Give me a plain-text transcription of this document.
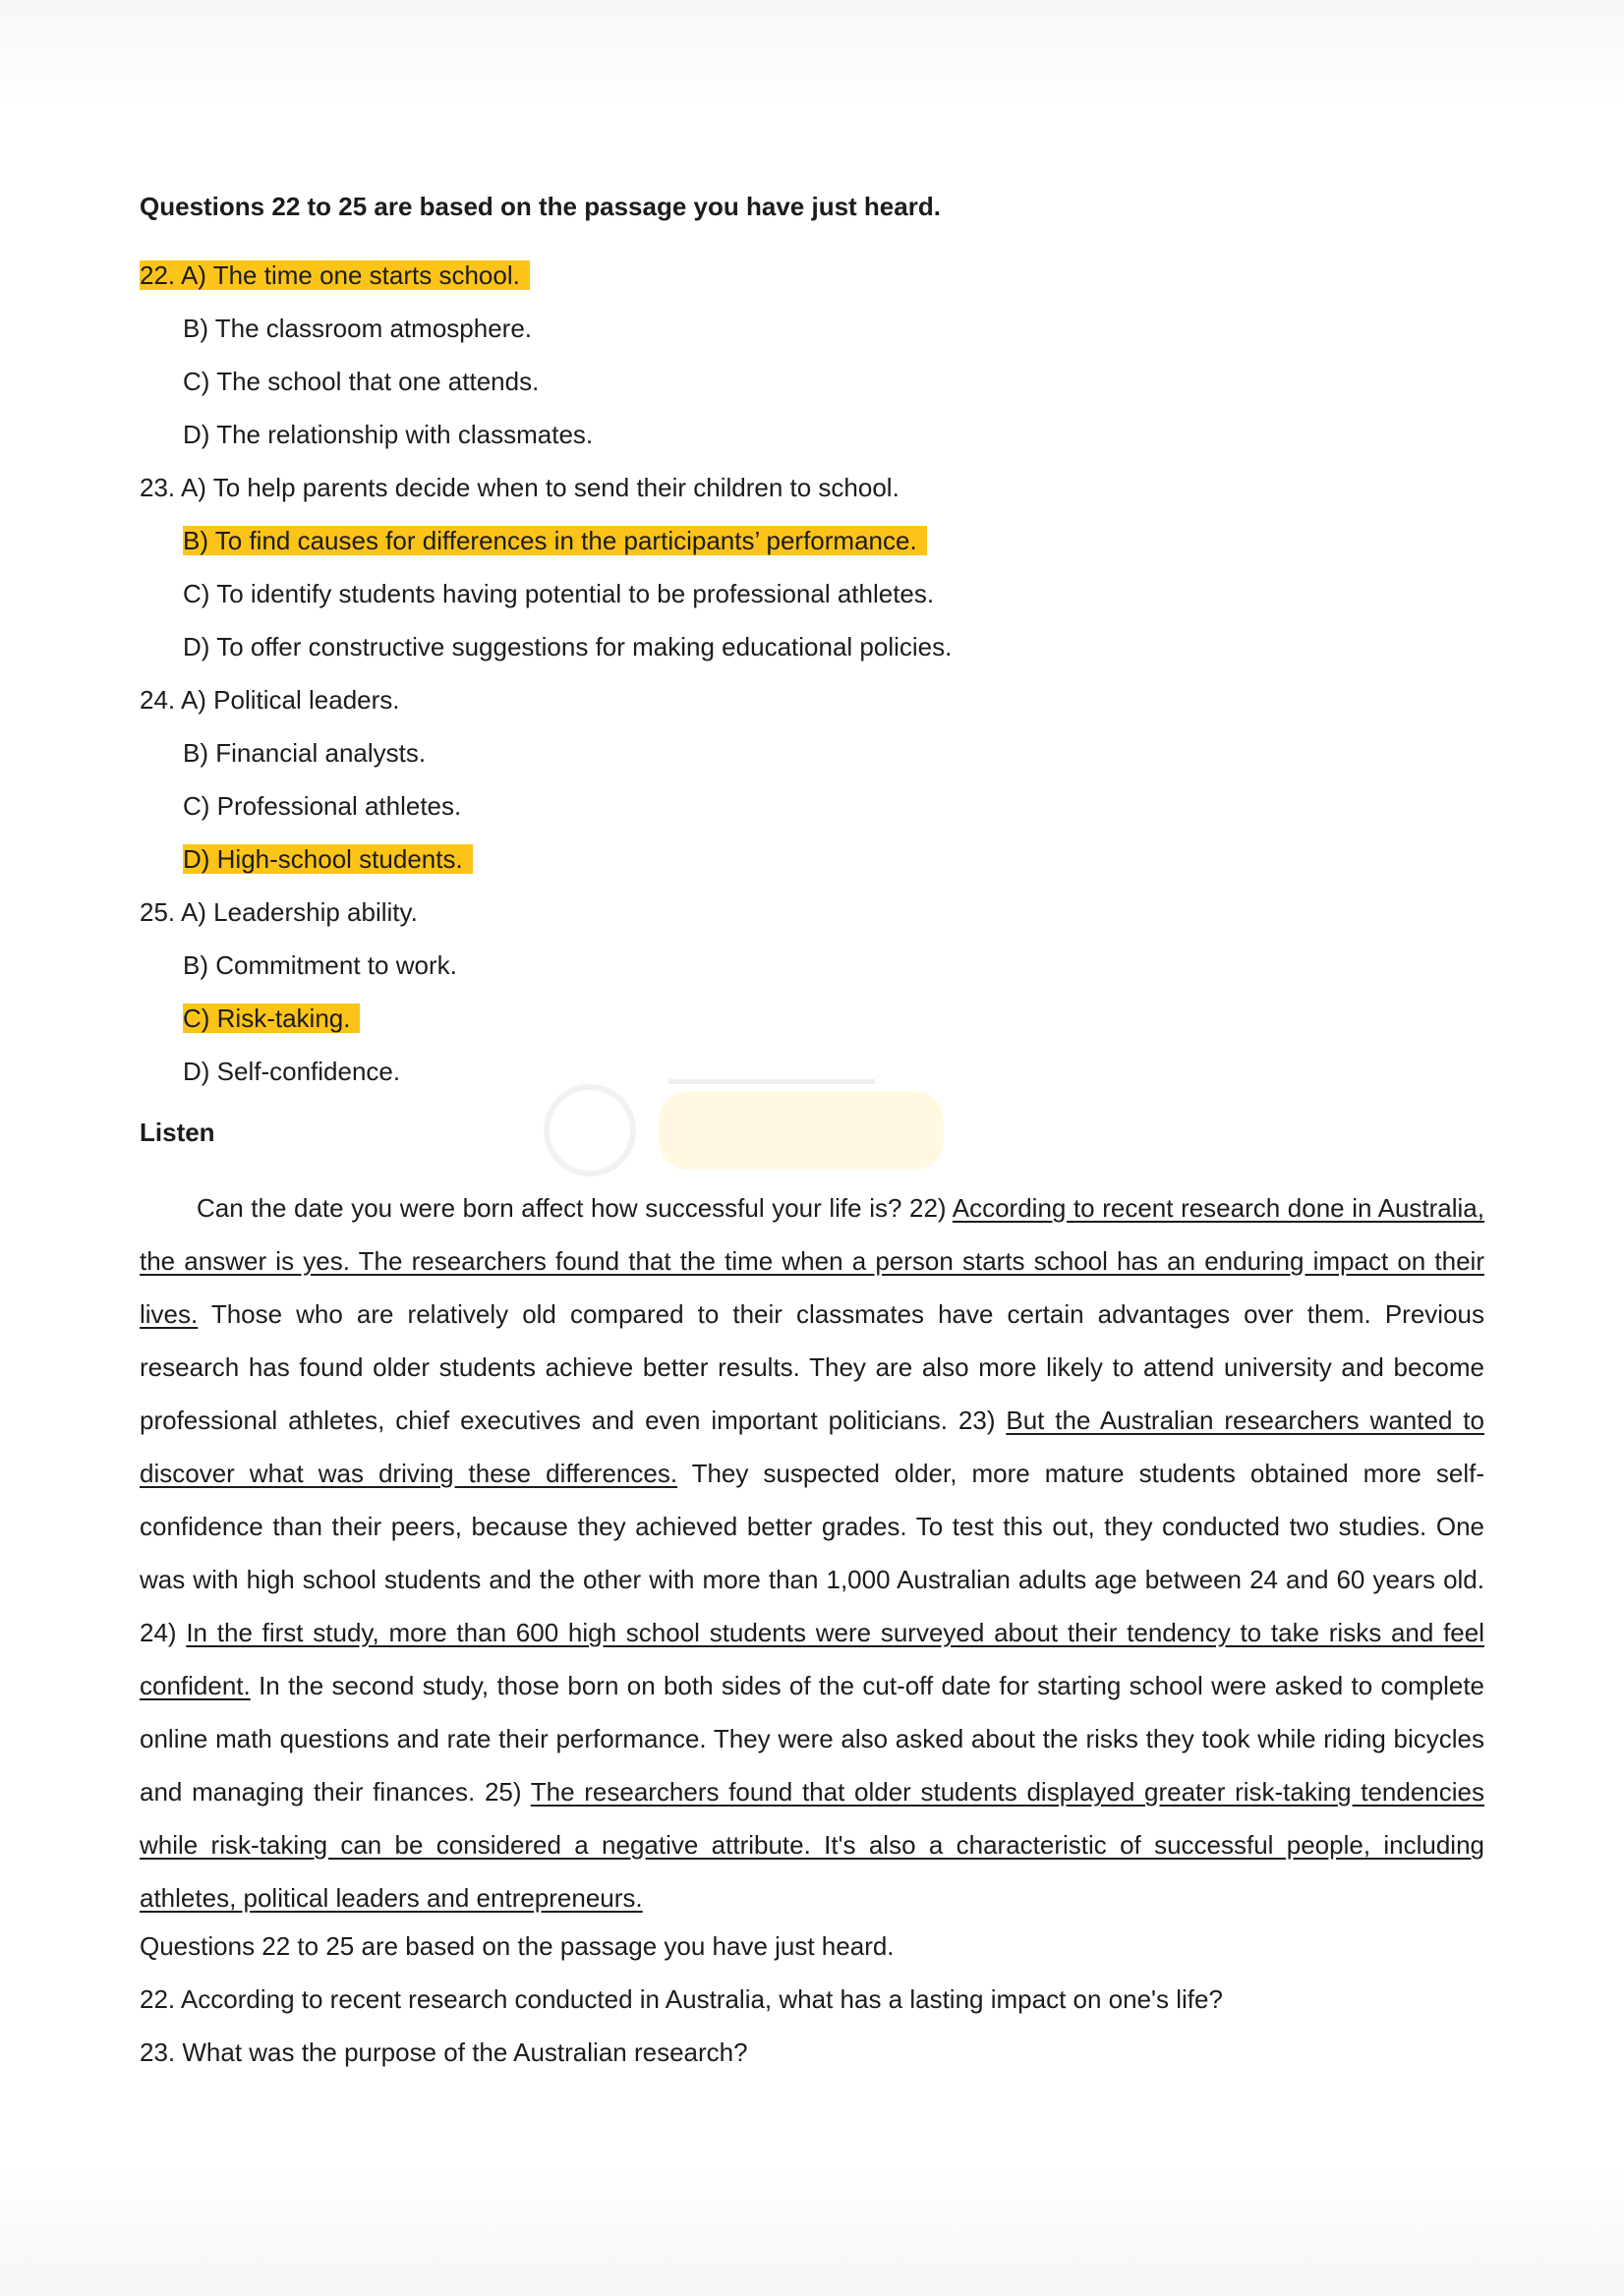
Questions 22 to 25 are based on the passage you have just heard.
22. A) The time one starts school.
B) The classroom atmosphere.
C) The school that one attends.
D) The relationship with classmates.
23. A) To help parents decide when to send their children to school.
B) To find causes for differences in the participants’ performance.
C) To identify students having potential to be professional athletes.
D) To offer constructive suggestions for making educational policies.
24. A) Political leaders.
B) Financial analysts.
C) Professional athletes.
D) High-school students.
25. A) Leadership ability.
B) Commitment to work.
C) Risk-taking.
D) Self-confidence.
Listen

Can the date you were born affect how successful your life is? 22) According to recent research done in Australia, the answer is yes. The researchers found that the time when a person starts school has an enduring impact on their lives. Those who are relatively old compared to their classmates have certain advantages over them. Previous research has found older students achieve better results. They are also more likely to attend university and become professional athletes, chief executives and even important politicians. 23) But the Australian researchers wanted to discover what was driving these differences. They suspected older, more mature students obtained more self-confidence than their peers, because they achieved better grades. To test this out, they conducted two studies. One was with high school students and the other with more than 1,000 Australian adults age between 24 and 60 years old. 24) In the first study, more than 600 high school students were surveyed about their tendency to take risks and feel confident. In the second study, those born on both sides of the cut-off date for starting school were asked to complete online math questions and rate their performance. They were also asked about the risks they took while riding bicycles and managing their finances. 25) The researchers found that older students displayed greater risk-taking tendencies while risk-taking can be considered a negative attribute. It's also a characteristic of successful people, including athletes, political leaders and entrepreneurs.

Questions 22 to 25 are based on the passage you have just heard.
22. According to recent research conducted in Australia, what has a lasting impact on one's life?
23. What was the purpose of the Australian research?
